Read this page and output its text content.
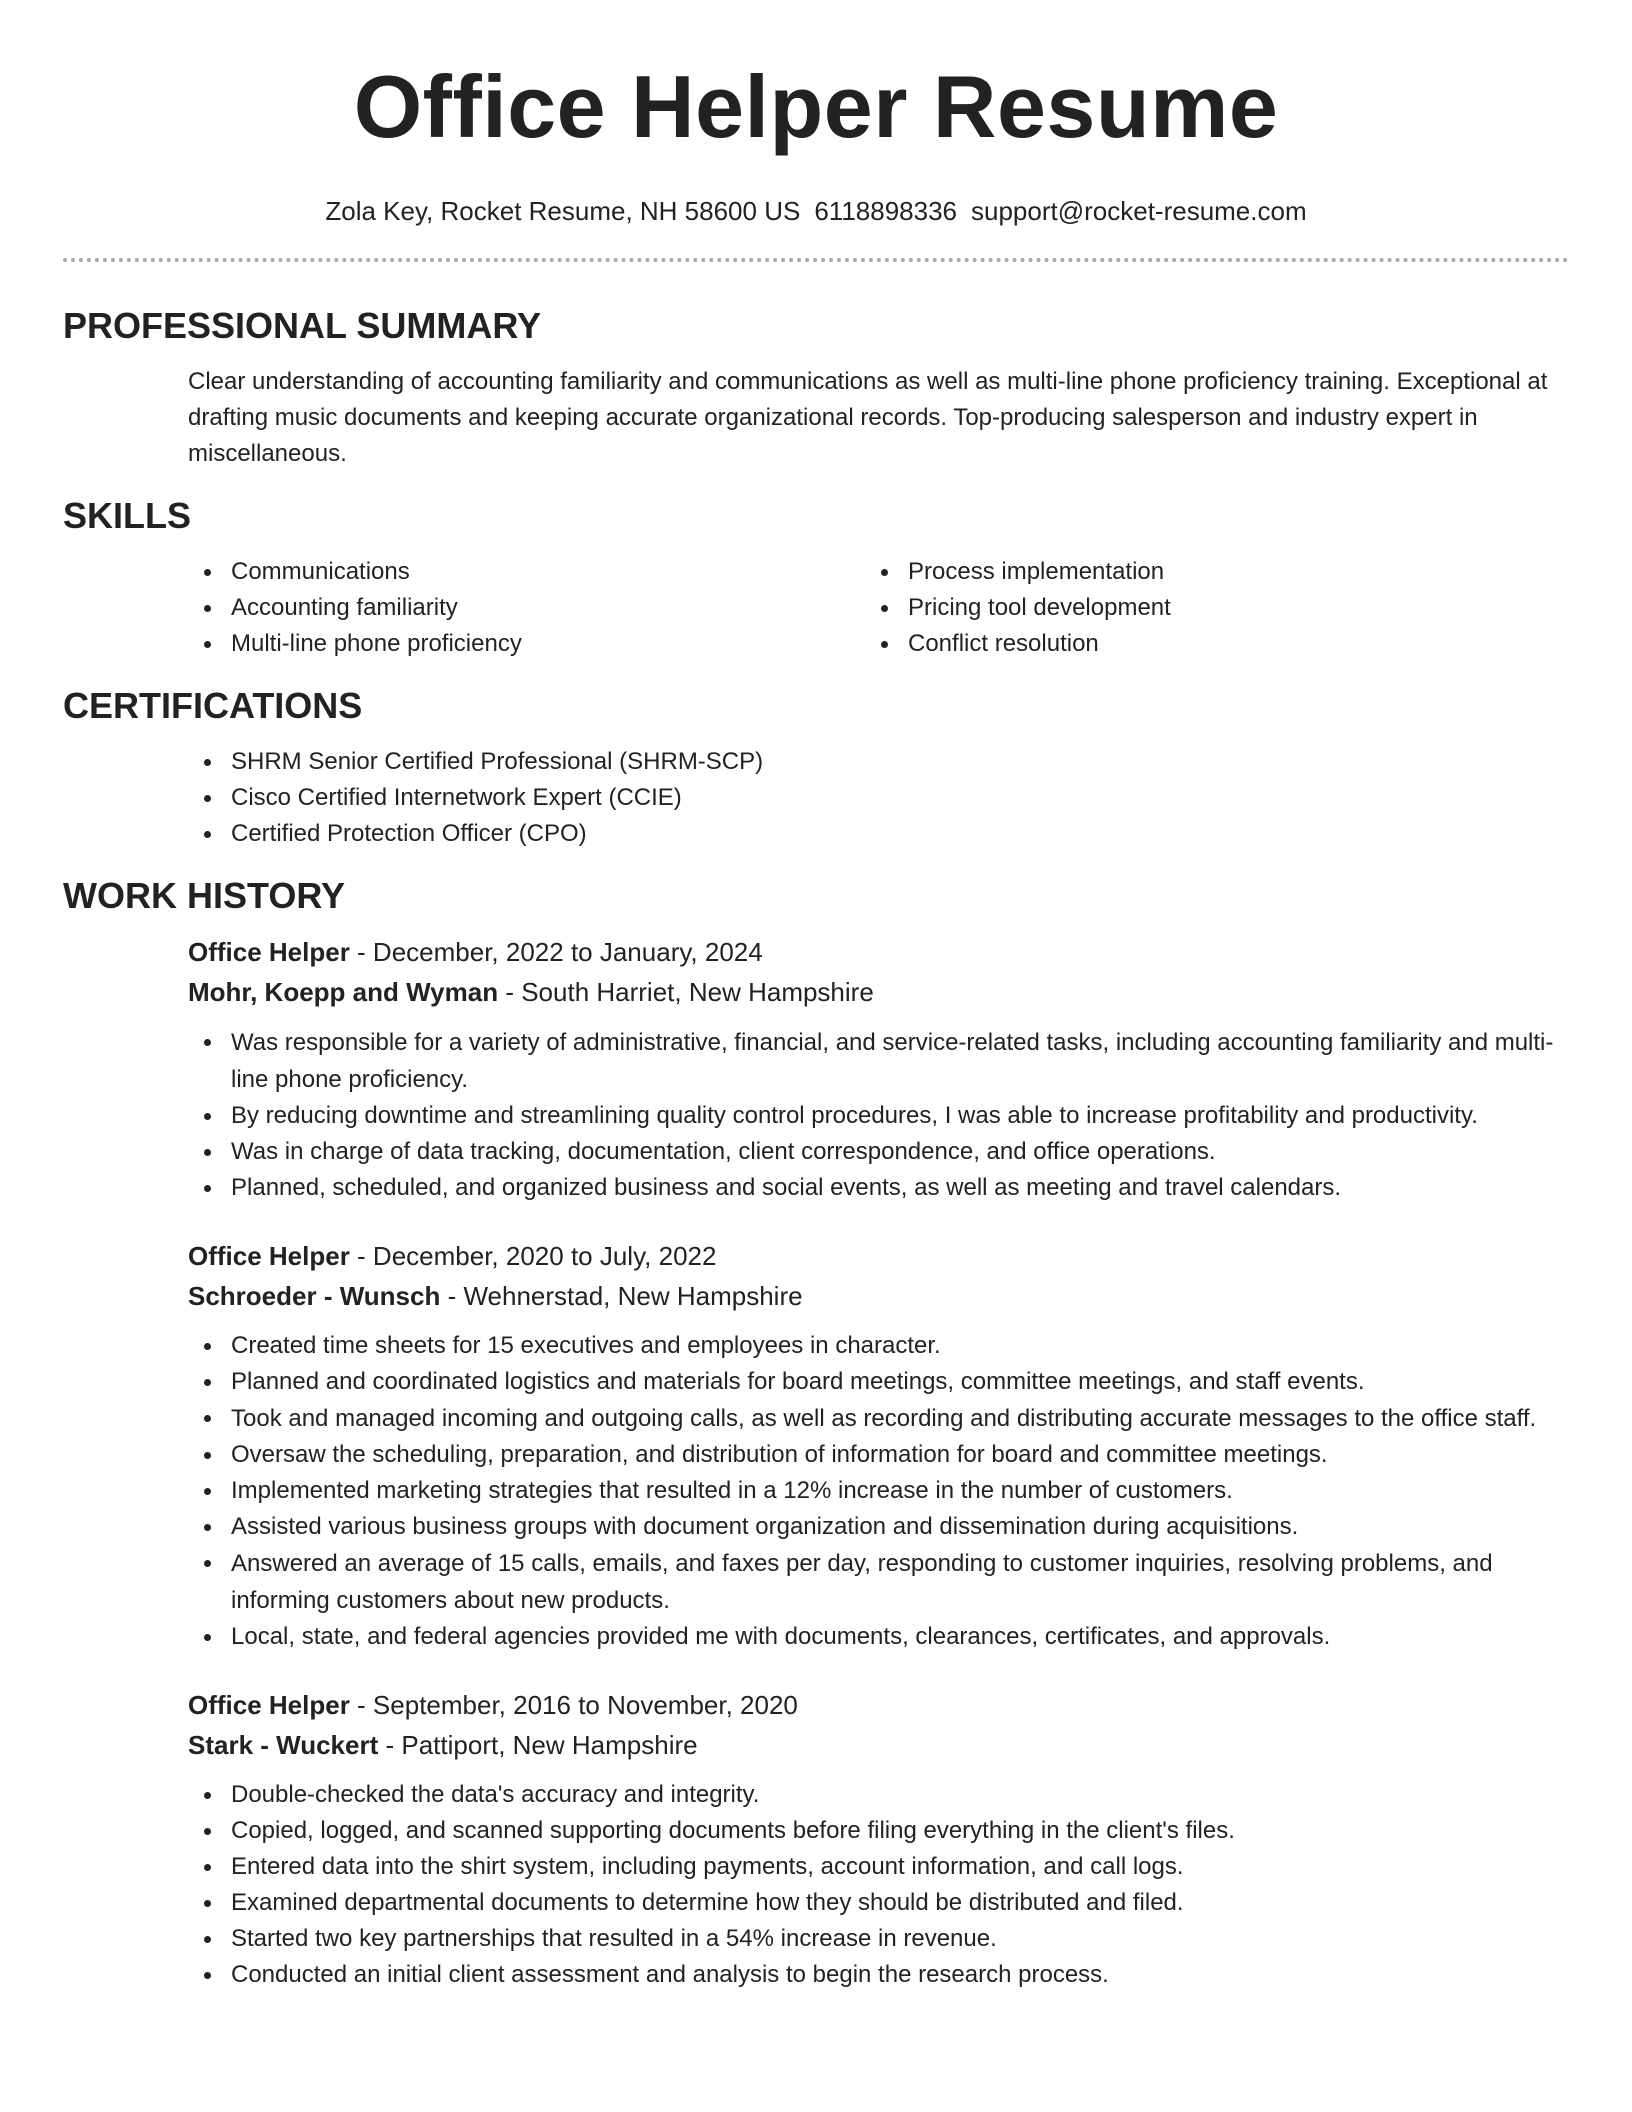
Office Helper Resume
Zola Key, Rocket Resume, NH 58600 US 6118898336 support@rocket-resume.com
PROFESSIONAL SUMMARY
Clear understanding of accounting familiarity and communications as well as multi-line phone proficiency training. Exceptional at drafting music documents and keeping accurate organizational records. Top-producing salesperson and industry expert in miscellaneous.
SKILLS
Communications
Accounting familiarity
Multi-line phone proficiency
Process implementation
Pricing tool development
Conflict resolution
CERTIFICATIONS
SHRM Senior Certified Professional (SHRM-SCP)
Cisco Certified Internetwork Expert (CCIE)
Certified Protection Officer (CPO)
WORK HISTORY
Office Helper - December, 2022 to January, 2024
Mohr, Koepp and Wyman - South Harriet, New Hampshire
Was responsible for a variety of administrative, financial, and service-related tasks, including accounting familiarity and multi-line phone proficiency.
By reducing downtime and streamlining quality control procedures, I was able to increase profitability and productivity.
Was in charge of data tracking, documentation, client correspondence, and office operations.
Planned, scheduled, and organized business and social events, as well as meeting and travel calendars.
Office Helper - December, 2020 to July, 2022
Schroeder - Wunsch - Wehnerstad, New Hampshire
Created time sheets for 15 executives and employees in character.
Planned and coordinated logistics and materials for board meetings, committee meetings, and staff events.
Took and managed incoming and outgoing calls, as well as recording and distributing accurate messages to the office staff.
Oversaw the scheduling, preparation, and distribution of information for board and committee meetings.
Implemented marketing strategies that resulted in a 12% increase in the number of customers.
Assisted various business groups with document organization and dissemination during acquisitions.
Answered an average of 15 calls, emails, and faxes per day, responding to customer inquiries, resolving problems, and informing customers about new products.
Local, state, and federal agencies provided me with documents, clearances, certificates, and approvals.
Office Helper - September, 2016 to November, 2020
Stark - Wuckert - Pattiport, New Hampshire
Double-checked the data's accuracy and integrity.
Copied, logged, and scanned supporting documents before filing everything in the client's files.
Entered data into the shirt system, including payments, account information, and call logs.
Examined departmental documents to determine how they should be distributed and filed.
Started two key partnerships that resulted in a 54% increase in revenue.
Conducted an initial client assessment and analysis to begin the research process.
